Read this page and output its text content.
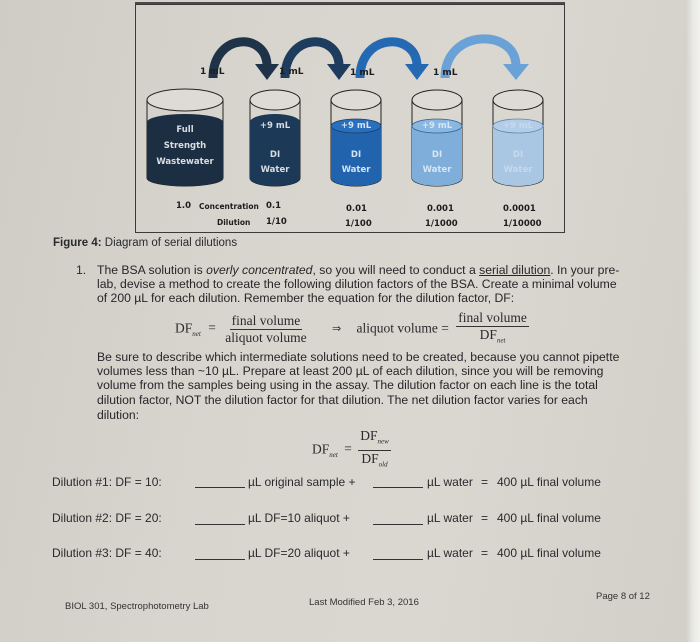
1 mL	1 mL	1 mL	1 mL
Full
Strength
Wastewater
+9 mL
DI
Water
+9 mL
DI
Water
+9 mL
DI
Water
+9 mL
DI
Water
1.0 Concentration 0.1	0.01	0.001	0.0001
Dilution 1/10	1/100	1/1000	1/10000
Figure 4: Diagram of serial dilutions
1. The BSA solution is overly concentrated, so you will need to conduct a serial dilution. In your pre-
lab, devise a method to create the following dilution factors of the BSA. Create a minimal volume
of 200 µL for each dilution. Remember the equation for the dilution factor, DF:
$DF_{net} = \frac{\text{final volume}}{\text{aliquot volume}}$ ⇒ aliquot volume = $\frac{\text{final volume}}{DF_{net}}$
Be sure to describe which intermediate solutions need to be created, because you cannot pipette
volumes less than ~10 µL. Prepare at least 200 µL of each dilution, since you will be removing
volume from the samples being using in the assay. The dilution factor on each line is the total
dilution factor, NOT the dilution factor for that dilution. The net dilution factor varies for each
dilution:
$DF_{net} = \frac{DF_{new}}{DF_{old}}$
Dilution #1: DF = 10:	µL original sample +	µL water = 400 µL final volume
Dilution #2: DF = 20:	µL DF=10 aliquot +	µL water = 400 µL final volume
Dilution #3: DF = 40:	µL DF=20 aliquot +	µL water = 400 µL final volume
BIOL 301, Spectrophotometry Lab	Last Modified Feb 3, 2016
Page 8 of 12
